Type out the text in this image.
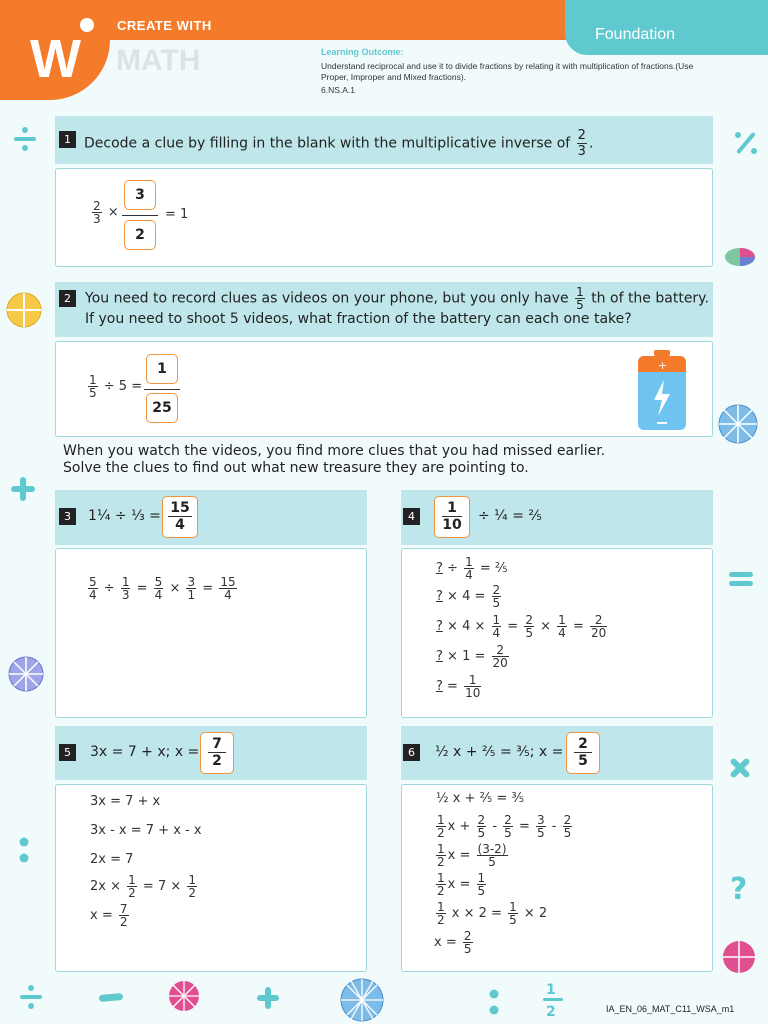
W
CREATE WITH
MATH
Foundation
Learning Outcome:
Understand reciprocal and use it to divide fractions by relating it with multiplication of fractions.(Use Proper, Improper and Mixed fractions).
6.NS.A.1
?
1
2
1 Decode a clue by filling in the blank with the multiplicative inverse of $\frac{2}{3}$ .
$\frac{2}{3}$ ×
3
2
= 1
2	You need to record clues as videos on your phone, but you only have $\frac{1}{5}$ th of the battery.
If you need to shoot 5 videos, what fraction of the battery can each one take?
$\frac{1}{5} \div 5$ =
1
25
+
When you watch the videos, you find more clues that you had missed earlier.
Solve the clues to find out what new treasure they are pointing to.
3	1¼ ÷ ⅓ = $\frac{15}{4}$
$\frac{5}{4} \div \frac{1}{3} = \frac{5}{4} \times \frac{3}{1} = \frac{15}{4}$
4	$\frac{1}{10}$ ÷ ¼ = ⅖
? ÷ $\frac{1}{4}$ = ⅖
? × $4 = \frac{2}{5}$
? × $4 \times \frac{1}{4} = \frac{2}{5} \times \frac{1}{4} = \frac{2}{20}$
? × $1 = \frac{2}{20}$
? = $\frac{1}{10}$
5	3x = 7 + x; $x = \frac{7}{2}$
3x = 7 + x
3x - x = 7 + x - x
2x = 7
$2x \times \frac{1}{2} = 7 \times \frac{1}{2}$
$x = \frac{7}{2}$
6	½ x + ⅖ = ⅗; $x = \frac{2}{5}$
½ x + ⅖ = ⅗
$\frac{1}{2}$ $x + \frac{2}{5} - \frac{2}{5} = \frac{3}{5} - \frac{2}{5}$
$\frac{1}{2}$ $x = \frac{(3-2)}{5}$
$\frac{1}{2}$ $x = \frac{1}{5}$
$\frac{1}{2}$ $x \times 2 = \frac{1}{5} \times 2$
$x = \frac{2}{5}$
IA_EN_06_MAT_C11_WSA_m1
